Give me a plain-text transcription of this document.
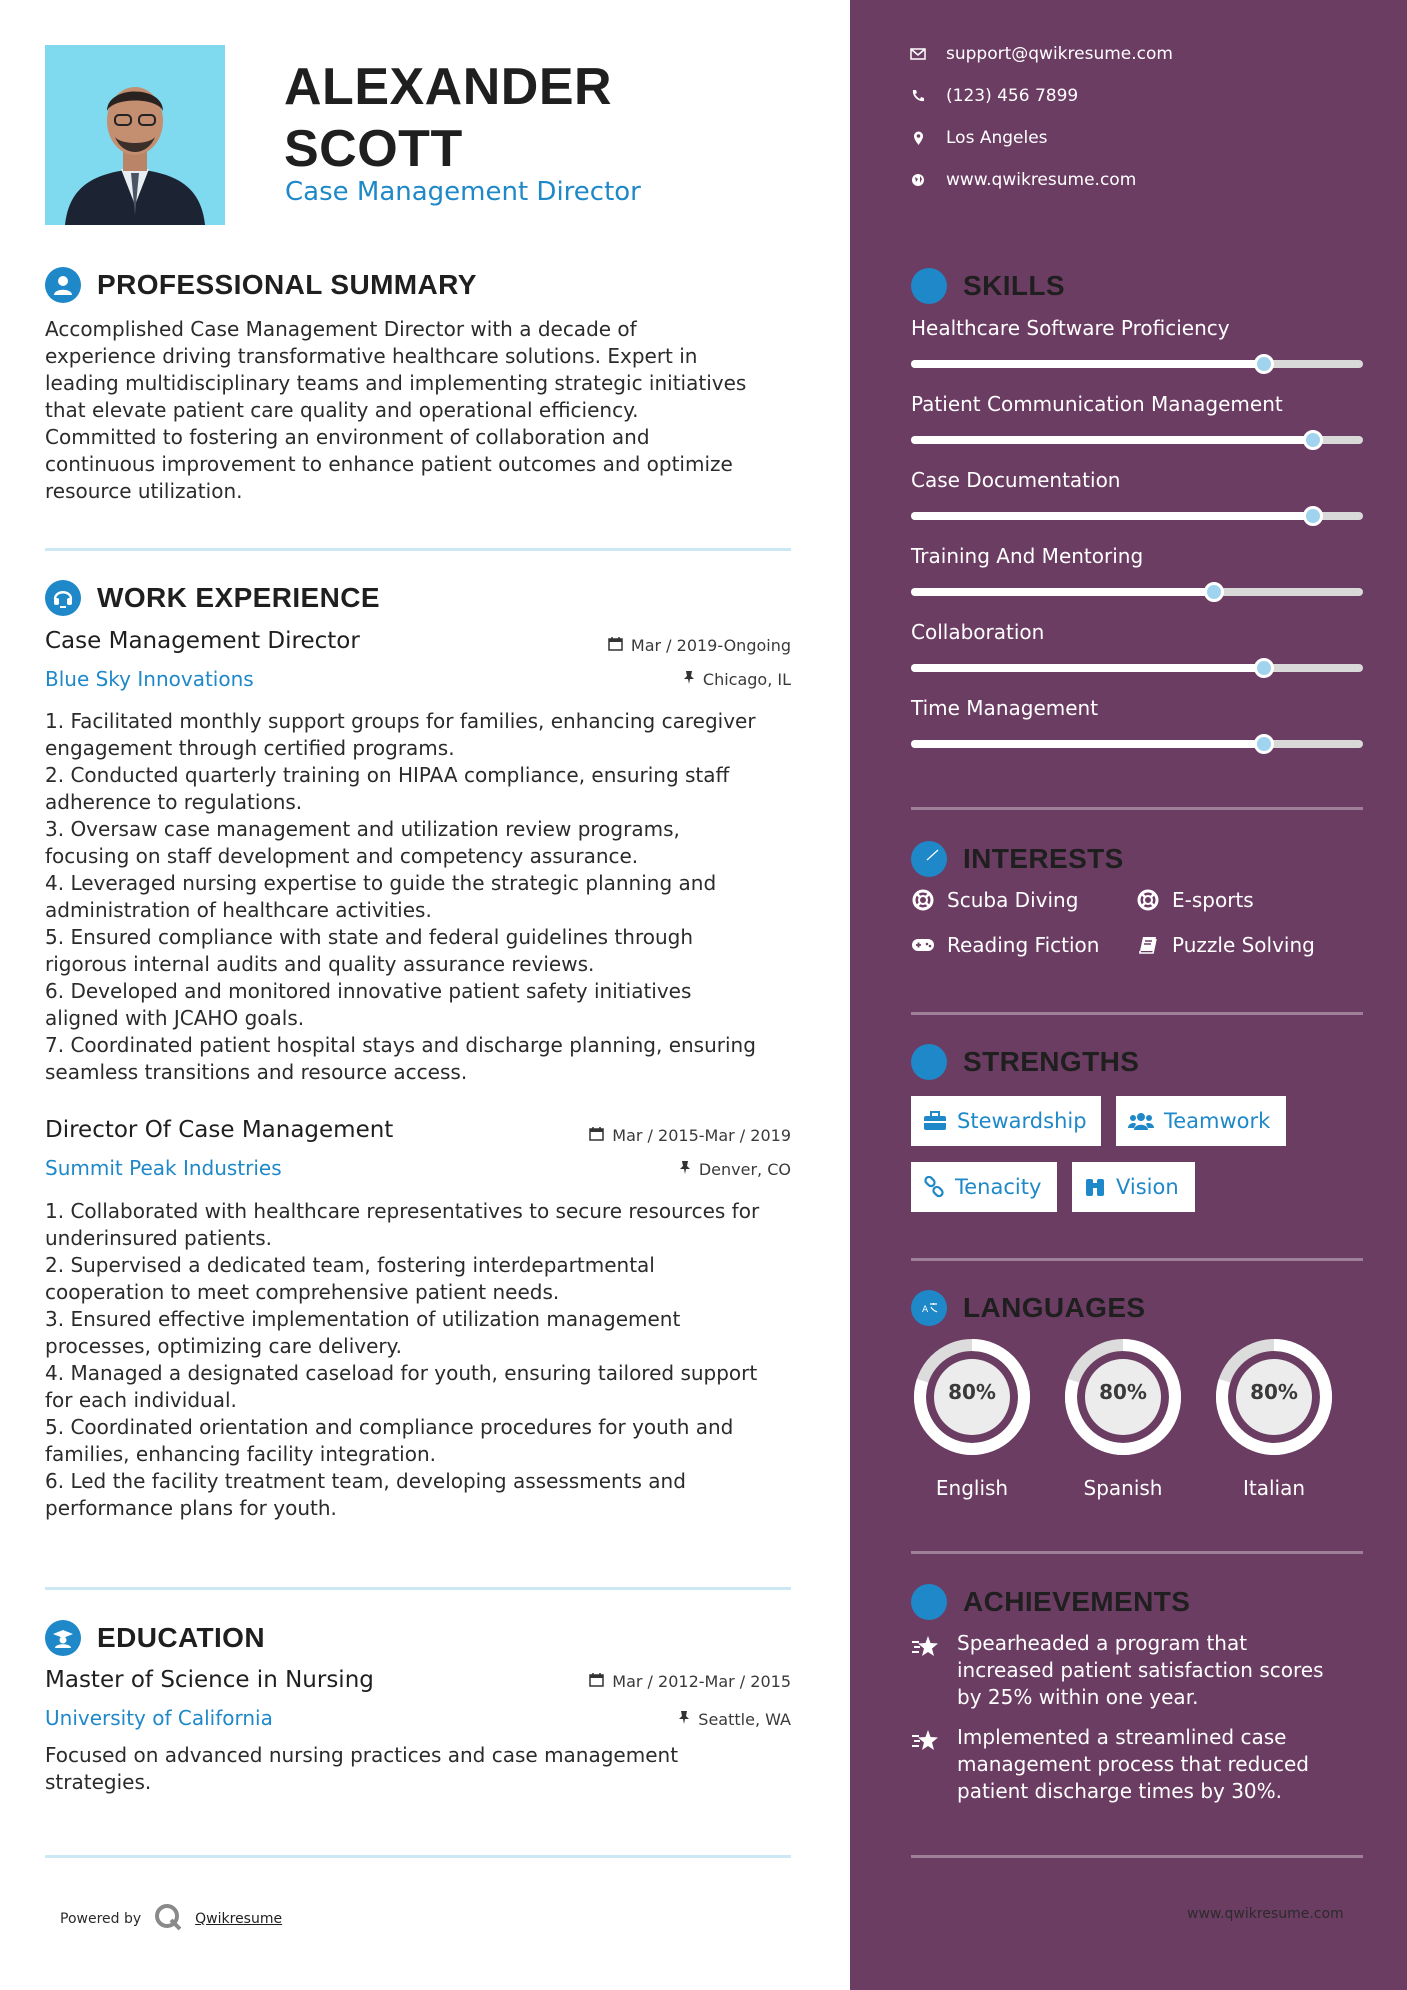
ALEXANDER
SCOTT
Case Management Director
PROFESSIONAL SUMMARY
Accomplished Case Management Director with a decade of
experience driving transformative healthcare solutions. Expert in
leading multidisciplinary teams and implementing strategic initiatives
that elevate patient care quality and operational efficiency.
Committed to fostering an environment of collaboration and
continuous improvement to enhance patient outcomes and optimize
resource utilization.
WORK EXPERIENCE
Case Management Director	Mar / 2019-Ongoing
Blue Sky Innovations	Chicago, IL
1. Facilitated monthly support groups for families, enhancing caregiver
engagement through certified programs.
2. Conducted quarterly training on HIPAA compliance, ensuring staff
adherence to regulations.
3. Oversaw case management and utilization review programs,
focusing on staff development and competency assurance.
4. Leveraged nursing expertise to guide the strategic planning and
administration of healthcare activities.
5. Ensured compliance with state and federal guidelines through
rigorous internal audits and quality assurance reviews.
6. Developed and monitored innovative patient safety initiatives
aligned with JCAHO goals.
7. Coordinated patient hospital stays and discharge planning, ensuring
seamless transitions and resource access.
Director Of Case Management	Mar / 2015-Mar / 2019
Summit Peak Industries	Denver, CO
1. Collaborated with healthcare representatives to secure resources for
underinsured patients.
2. Supervised a dedicated team, fostering interdepartmental
cooperation to meet comprehensive patient needs.
3. Ensured effective implementation of utilization management
processes, optimizing care delivery.
4. Managed a designated caseload for youth, ensuring tailored support
for each individual.
5. Coordinated orientation and compliance procedures for youth and
families, enhancing facility integration.
6. Led the facility treatment team, developing assessments and
performance plans for youth.
EDUCATION
Master of Science in Nursing	Mar / 2012-Mar / 2015
University of California	Seattle, WA
Focused on advanced nursing practices and case management
strategies.
Powered by	Qwikresume
support@qwikresume.com
(123) 456 7899
Los Angeles
www.qwikresume.com
SKILLS
Healthcare Software Proficiency
Patient Communication Management
Case Documentation
Training And Mentoring
Collaboration
Time Management
INTERESTS
Scuba Diving	E-sports
Reading Fiction	Puzzle Solving
STRENGTHS
Stewardship	Teamwork
Tenacity	Vision
A LANGUAGES
80%
English
80%
Spanish
80%
Italian
ACHIEVEMENTS
Spearheaded a program that
increased patient satisfaction scores
by 25% within one year.
Implemented a streamlined case
management process that reduced
patient discharge times by 30%.
www.qwikresume.com
